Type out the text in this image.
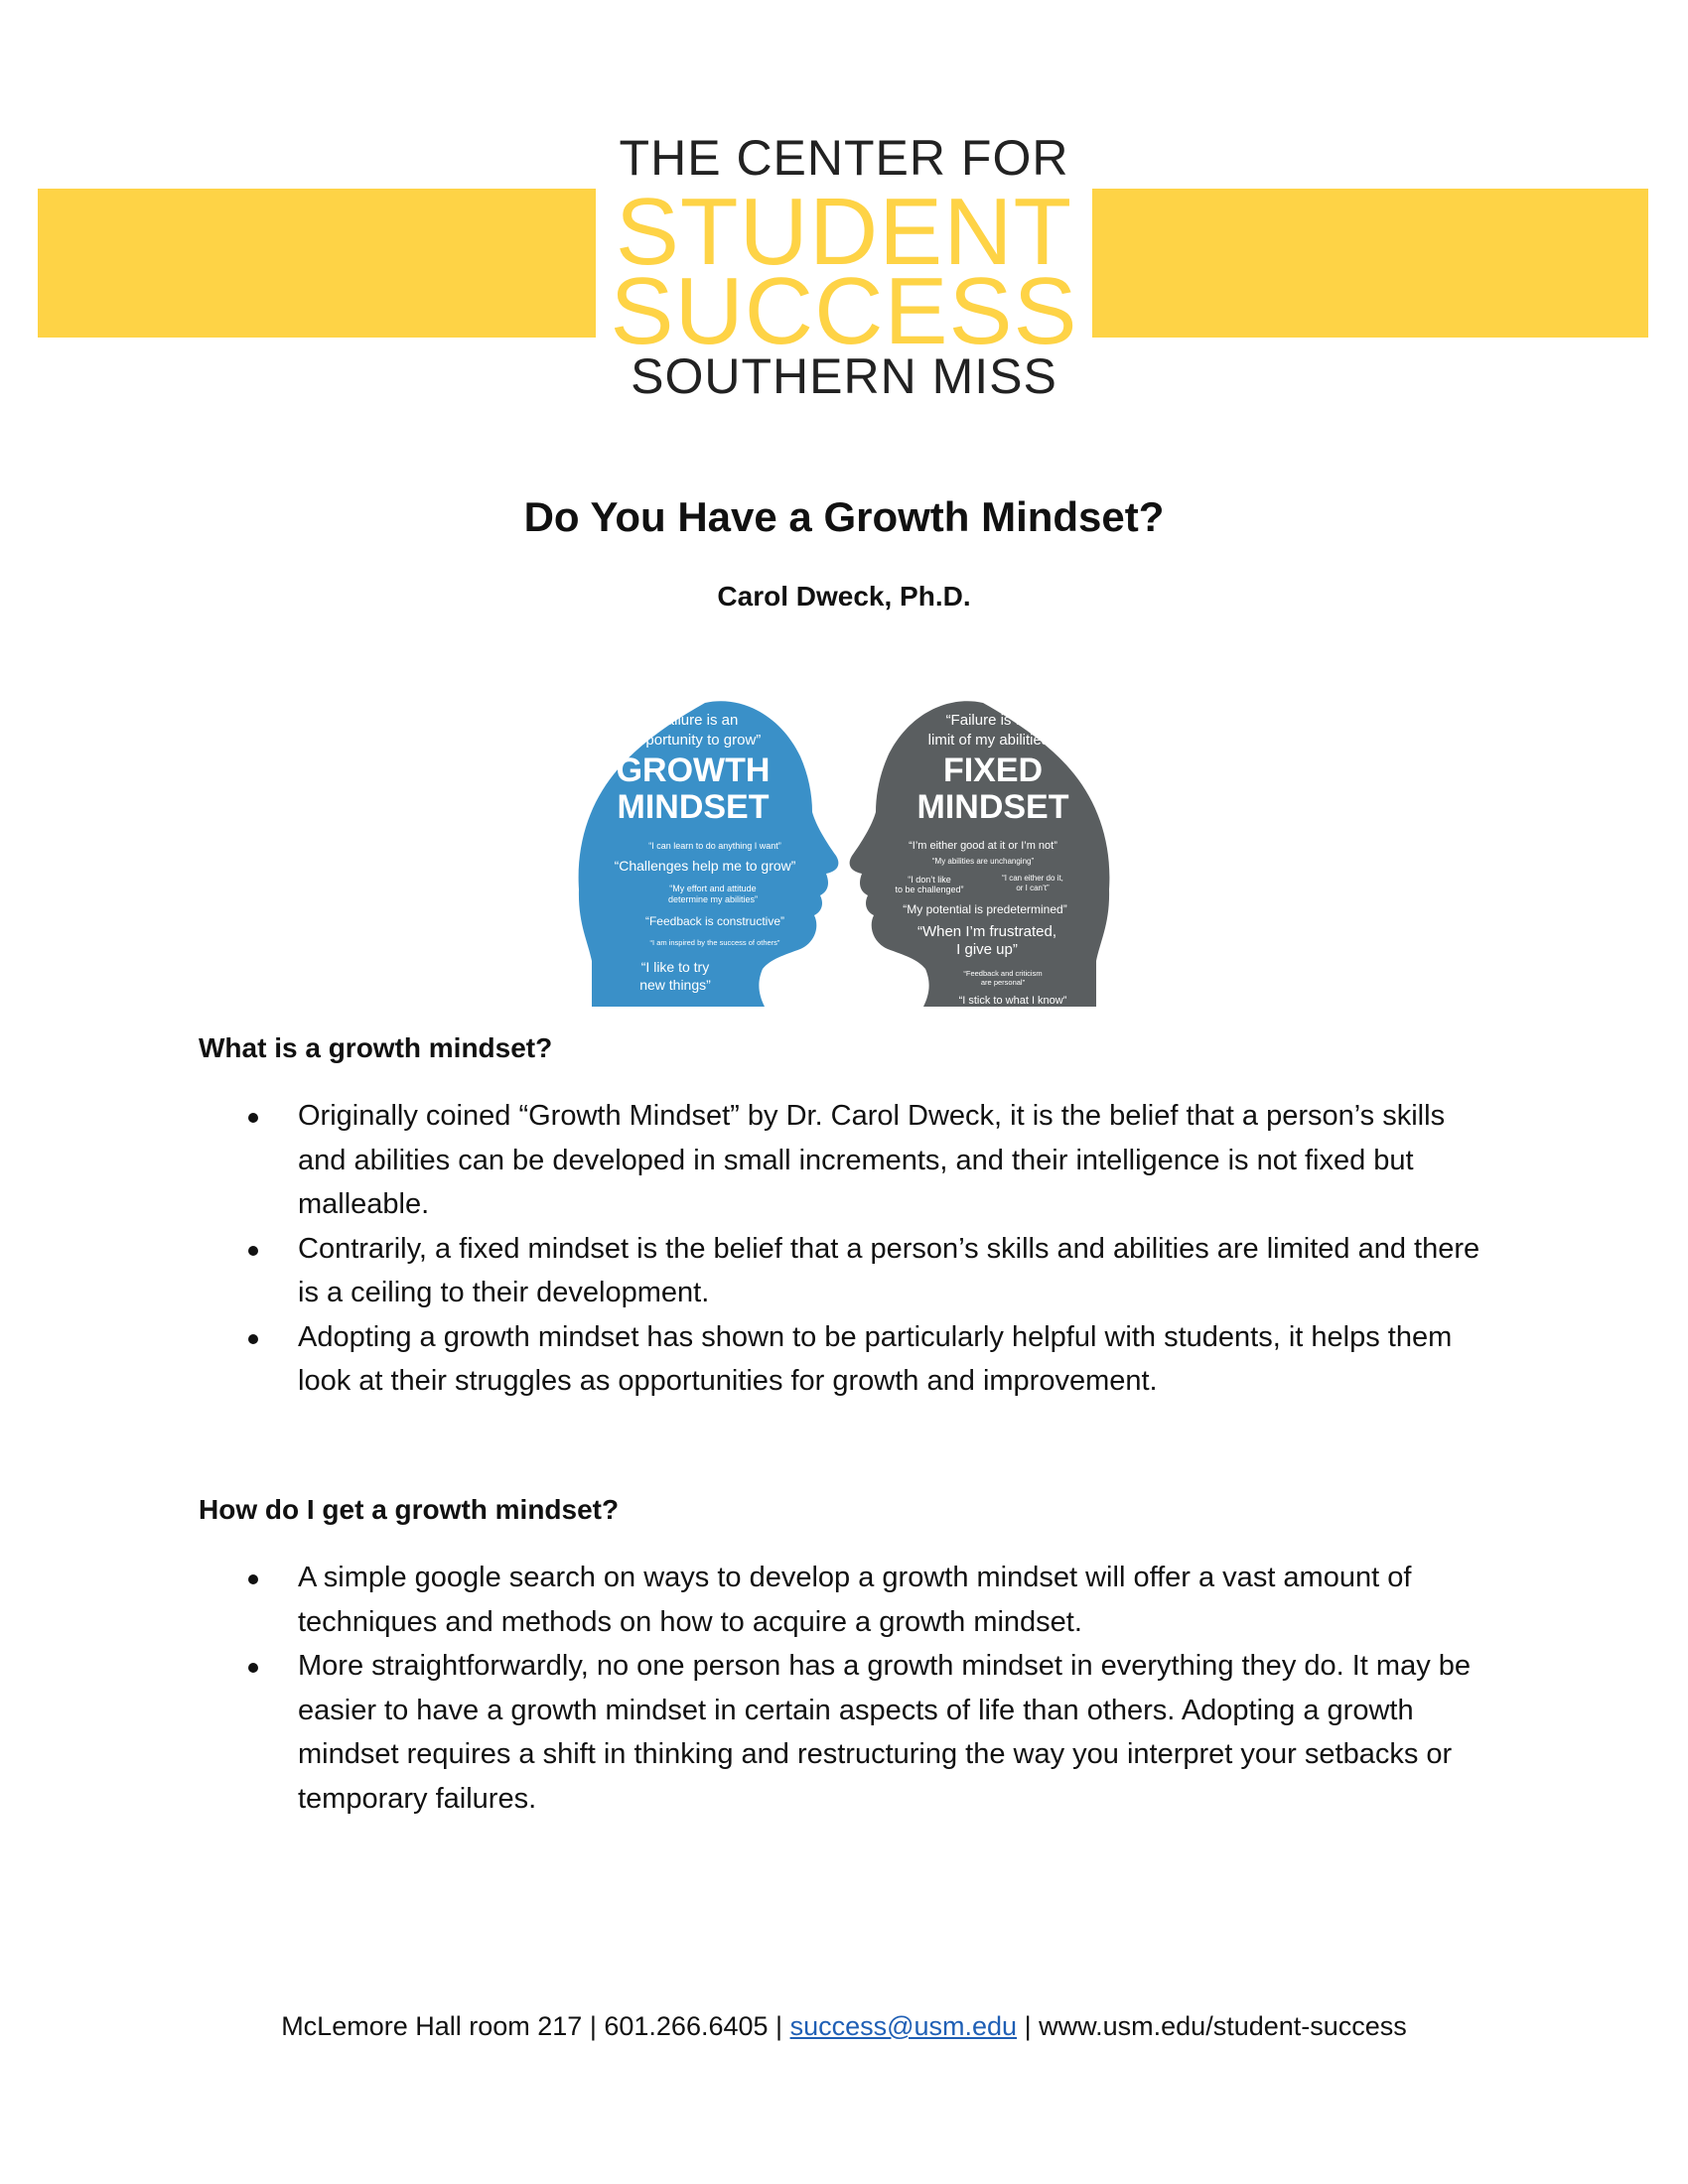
THE CENTER FOR
STUDENT
SUCCESS
SOUTHERN MISS
Do You Have a Growth Mindset?
Carol Dweck, Ph.D.
“Failure is an
opportunity to grow”
GROWTH
MINDSET
“I can learn to do anything I want”
“Challenges help me to grow”
“My effort and attitude
determine my abilities”
“Feedback is constructive”
“I am inspired by the success of others”
“I like to try
new things”
“Failure is the
limit of my abilities”
FIXED
MINDSET
“I’m either good at it or I’m not”
“My abilities are unchanging”
“I don’t like
to be challenged”
“I can either do it,
or I can’t”
“My potential is predetermined”
“When I’m frustrated,
I give up”
“Feedback and criticism
are personal”
“I stick to what I know”
What is a growth mindset?
Originally coined “Growth Mindset” by Dr. Carol Dweck, it is the belief that a person’s skills and abilities can be developed in small increments, and their intelligence is not fixed but malleable.
Contrarily, a fixed mindset is the belief that a person’s skills and abilities are limited and there is a ceiling to their development.
Adopting a growth mindset has shown to be particularly helpful with students, it helps them look at their struggles as opportunities for growth and improvement.
How do I get a growth mindset?
A simple google search on ways to develop a growth mindset will offer a vast amount of techniques and methods on how to acquire a growth mindset.
More straightforwardly, no one person has a growth mindset in everything they do. It may be easier to have a growth mindset in certain aspects of life than others. Adopting a growth mindset requires a shift in thinking and restructuring the way you interpret your setbacks or temporary failures.
McLemore Hall room 217 | 601.266.6405 | success@usm.edu | www.usm.edu/student-success
